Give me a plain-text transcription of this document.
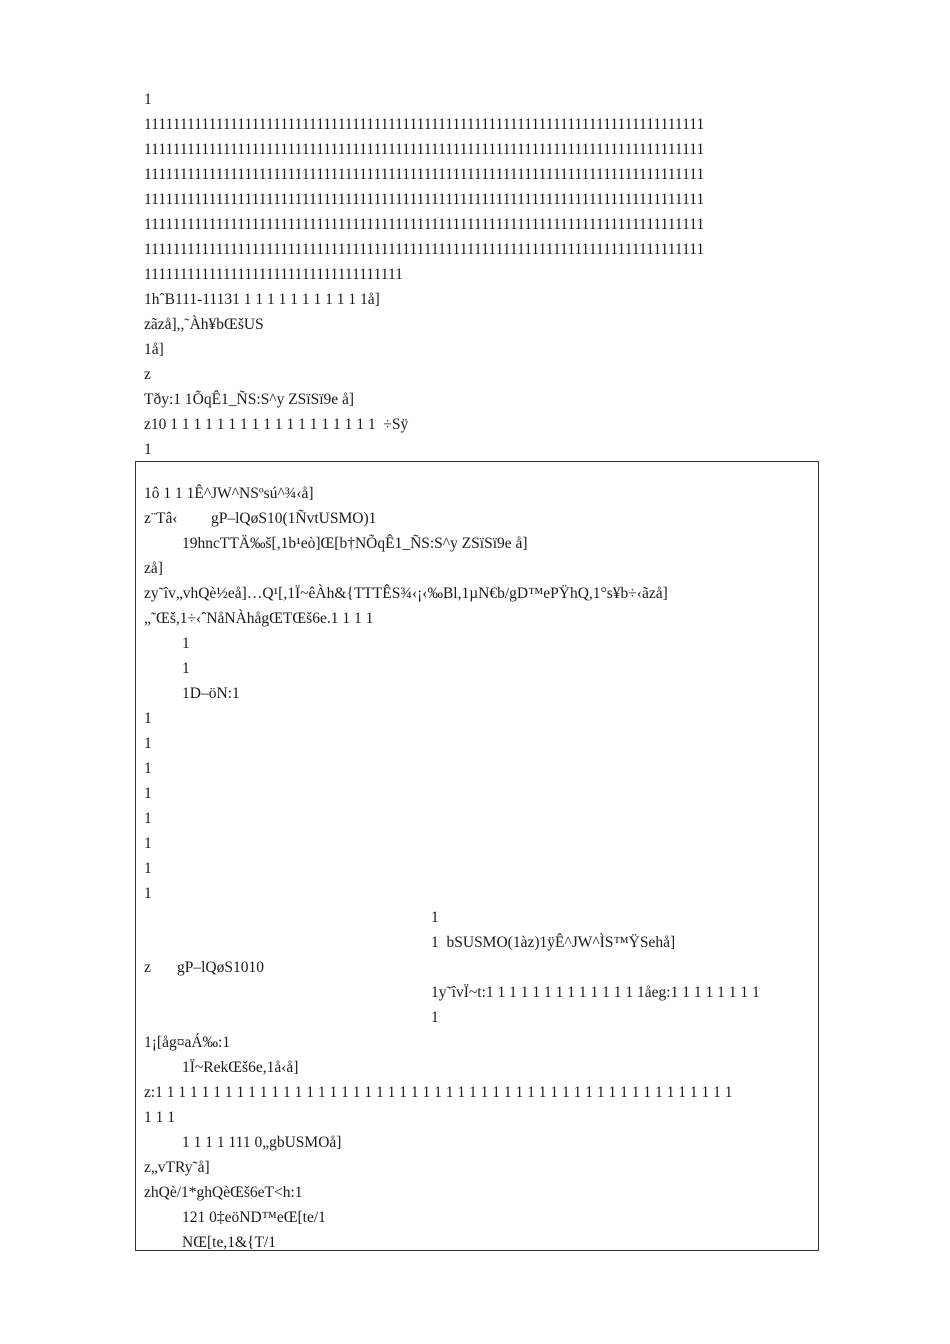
1
111111111111111111111111111111111111111111111111111111111111111111111111111111
111111111111111111111111111111111111111111111111111111111111111111111111111111
111111111111111111111111111111111111111111111111111111111111111111111111111111
111111111111111111111111111111111111111111111111111111111111111111111111111111
111111111111111111111111111111111111111111111111111111111111111111111111111111
111111111111111111111111111111111111111111111111111111111111111111111111111111
111111111111111111111111111111111111
1hˆB111-11131 1 1 1 1 1 1 1 1 1 1 1å]
zãzå],,˜Àh¥bŒšUS
1å]
z
Tðy:1 1ÕqÊ1_ÑS:S^y ZSïSï9e å]
z10 1 1 1 1 1 1 1 1 1 1 1 1 1 1 1 1 1 1  ÷Sÿ
1
1ô 1 1 1Ê^JW^NSºsú^¾‹å]
z¨Tâ‹ gP–lQøS10(1ÑvtUSMO)1
19hncTTÄ‰š[,1b¹eò]Œ[b†NÕqÊ1_ÑS:S^y ZSïSï9e å]
zå]
zy˜îv„vhQè½eå]…Q¹[,1Ï~êÀh&{TTTÊS¾‹¡‹‰Bl,1µN€b/gD™ePŸhQ,1°s¥b÷‹ãzå]
„˜Œš,1÷‹ˆNåNÀhågŒTŒš6e.1 1 1 1
1
1
1D–öN:1
1
1
1
1
1
1
1
1
1
1  bSUSMO(1àz)1ÿÊ^JW^ÌS™ŸSehå]
z gP–lQøS1010
1y˜îvÏ~t:1 1 1 1 1 1 1 1 1 1 1 1 1 1åeg:1 1 1 1 1 1 1 1
1
1¡[åg¤aÁ‰:1
1Ï~RekŒš6e,1å‹å]
z:1 1 1 1 1 1 1 1 1 1 1 1 1 1 1 1 1 1 1 1 1 1 1 1 1 1 1 1 1 1 1 1 1 1 1 1 1 1 1 1 1 1 1 1 1 1 1 1 1 1
1 1 1
1 1 1 1 111 0„gbUSMOå]
z„vTRy˜å]
zhQè/1*ghQèŒš6eT<h:1
121 0‡eöND™eŒ[te/1
NŒ[te,1&{T/1
